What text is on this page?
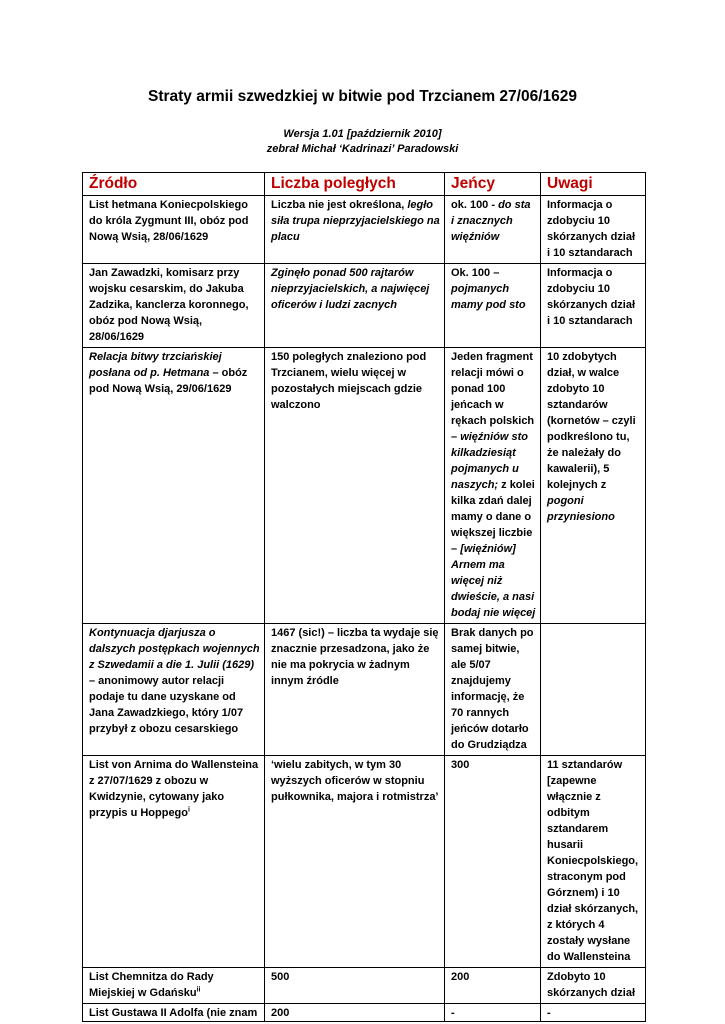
Straty armii szwedzkiej w bitwie pod Trzcianem 27/06/1629
Wersja 1.01 [październik 2010]
zebrał Michał ‘Kadrinazi’ Paradowski
Źródło	Liczba poległych	Jeńcy	Uwagi
List hetmana Koniecpolskiego do króla Zygmunt III, obóz pod Nową Wsią, 28/06/1629	Liczba nie jest określona, legło siła trupa nieprzyjacielskiego na placu	ok. 100 - do sta i znacznych więźniów	Informacja o zdobyciu 10 skórzanych dział i 10 sztandarach
Jan Zawadzki, komisarz przy wojsku cesarskim, do Jakuba Zadzika, kanclerza koronnego, obóz pod Nową Wsią, 28/06/1629	Zginęło ponad 500 rajtarów nieprzyjacielskich, a najwięcej oficerów i ludzi zacnych	Ok. 100 – pojmanych mamy pod sto	Informacja o zdobyciu 10 skórzanych dział i 10 sztandarach
Relacja bitwy trzciańskiej posłana od p. Hetmana – obóz pod Nową Wsią, 29/06/1629	150 poległych znaleziono pod Trzcianem, wielu więcej w pozostałych miejscach gdzie walczono	Jeden fragment relacji mówi o ponad 100 jeńcach w rękach polskich – więźniów sto kilkadziesiąt pojmanych u naszych; z kolei kilka zdań dalej mamy o dane o większej liczbie – [więźniów] Arnem ma więcej niż dwieście, a nasi bodaj nie więcej	10 zdobytych dział, w walce zdobyto 10 sztandarów (kornetów – czyli podkreślono tu, że należały do kawalerii), 5 kolejnych z pogoni przyniesiono
Kontynuacja djarjusza o dalszych postępkach wojennych z Szwedamii a die 1. Julii (1629) – anonimowy autor relacji podaje tu dane uzyskane od Jana Zawadzkiego, który 1/07 przybył z obozu cesarskiego	1467 (sic!) – liczba ta wydaje się znacznie przesadzona, jako że nie ma pokrycia w żadnym innym źródle	Brak danych po samej bitwie, ale 5/07 znajdujemy informację, że 70 rannych jeńców dotarło do Grudziądza	
List von Arnima do Wallensteina z 27/07/1629 z obozu w Kwidzynie, cytowany jako przypis u Hoppego$^i$	‘wielu zabitych, w tym 30 wyższych oficerów w stopniu pułkownika, majora i rotmistrza’	300	11 sztandarów [zapewne włącznie z odbitym sztandarem husarii Koniecpolskiego, straconym pod Górznem) i 10 dział skórzanych, z których 4 zostały wysłane do Wallensteina
List Chemnitza do Rady Miejskiej w Gdańsku$^{ii}$	500	200	Zdobyto 10 skórzanych dział
List Gustawa II Adolfa (nie znam	200	-	-
